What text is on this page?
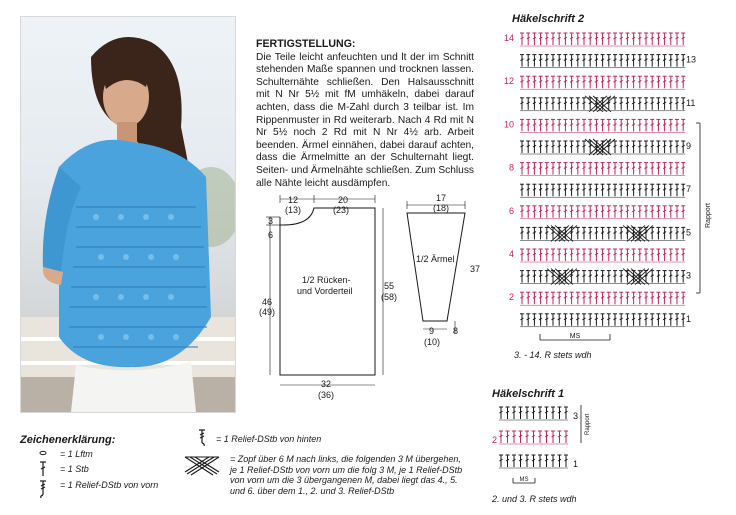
FERTIGSTELLUNG:

Die Teile leicht anfeuchten und lt der im Schnitt stehenden Maße spannen und trocknen lassen. Schulternähte schließen. Den Halsausschnitt mit N Nr 5½ mit fM umhäkeln, dabei darauf achten, dass die M-Zahl durch 3 teilbar ist. Im Rippenmuster in Rd weiterarb. Nach 4 Rd mit N Nr 5½ noch 2 Rd mit N Nr 4½ arb. Arbeit beenden. Ärmel einnähen, dabei darauf achten, dass die Ärmelmitte an der Schulternaht liegt. Seiten- und Ärmelnähte schließen. Zum Schluss alle Nähte leicht ausdämpfen.

12
(13)
20
(23)
3
6
46
(49)
55
(58)
1/2 Rücken-
und Vorderteil
32
(36)
17
(18)
1/2 Ärmel
37
9
(10)
8
Häkelschrift 2
14
13
12
11
10
9
8
7
6
5
4
3
2
1
Rapport
MS
3. - 14. R stets wdh
Häkelschrift 1
3
2
1
Rapport
MS
2. und 3. R stets wdh
Zeichenerklärung:
= 1 Lftm
= 1 Stb
= 1 Relief-DStb von vorn
= 1 Relief-DStb von hinten
= Zopf über 6 M nach links, die folgenden 3 M übergehen, je 1 Relief-DStb von vorn um die folg 3 M, je 1 Relief-DStb von vorn um die 3 übergangenen M, dabei liegt das 4., 5. und 6. über dem 1., 2. und 3. Relief-DStb
